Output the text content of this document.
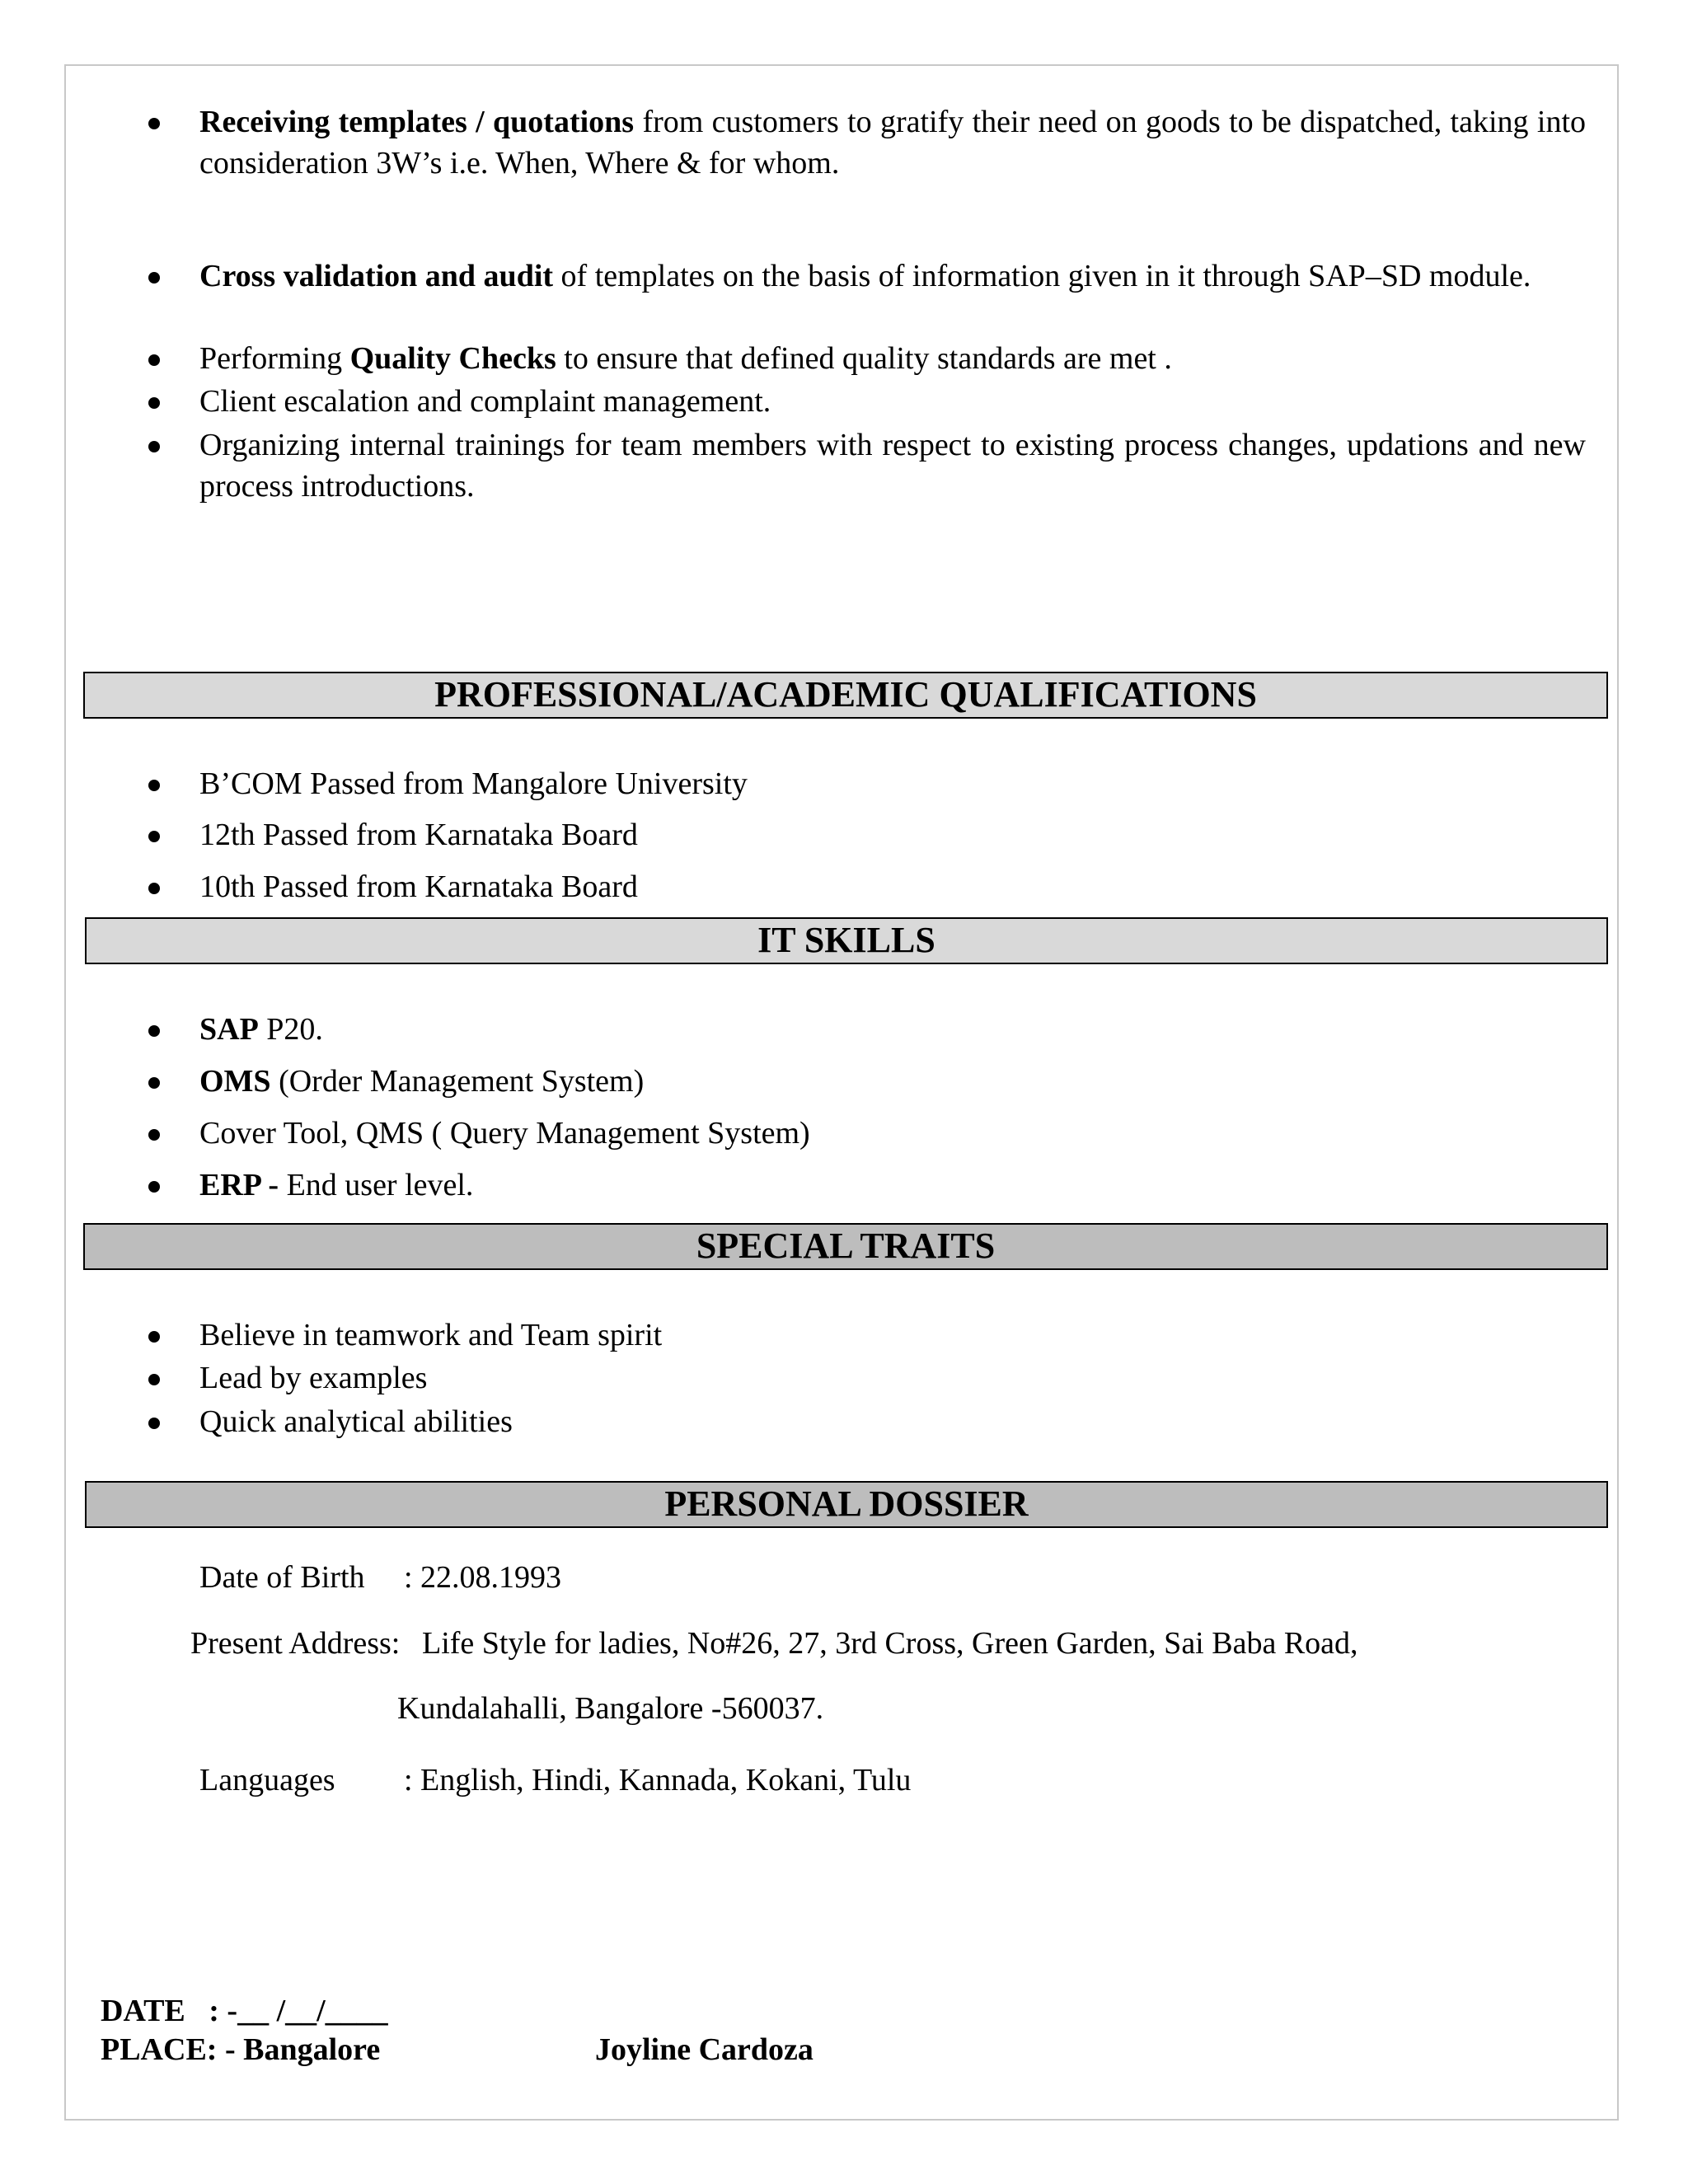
Receiving templates / quotations from customers to gratify their need on goods to be dispatched, taking into consideration 3W’s i.e. When, Where & for whom.
Cross validation and audit of templates on the basis of information given in it through SAP–SD module.
Performing Quality Checks to ensure that defined quality standards are met .
Client escalation and complaint management.
Organizing internal trainings for team members with respect to existing process changes, updations and new process introductions.
PROFESSIONAL/ACADEMIC QUALIFICATIONS
B’COM Passed from Mangalore University
12th Passed from Karnataka Board
10th Passed from Karnataka Board
IT SKILLS
SAP P20.
OMS (Order Management System)
Cover Tool, QMS ( Query Management System)
ERP - End user level.
SPECIAL TRAITS
Believe in teamwork and Team spirit
Lead by examples
Quick analytical abilities
PERSONAL DOSSIER
Date of Birth : 22.08.1993
Present Address: Life Style for ladies, No#26, 27, 3rd Cross, Green Garden, Sai Baba Road,
Kundalahalli, Bangalore -560037.
Languages : English, Hindi, Kannada, Kokani, Tulu
DATE   : -__ /__/____
PLACE: - Bangalore	Joyline Cardoza
